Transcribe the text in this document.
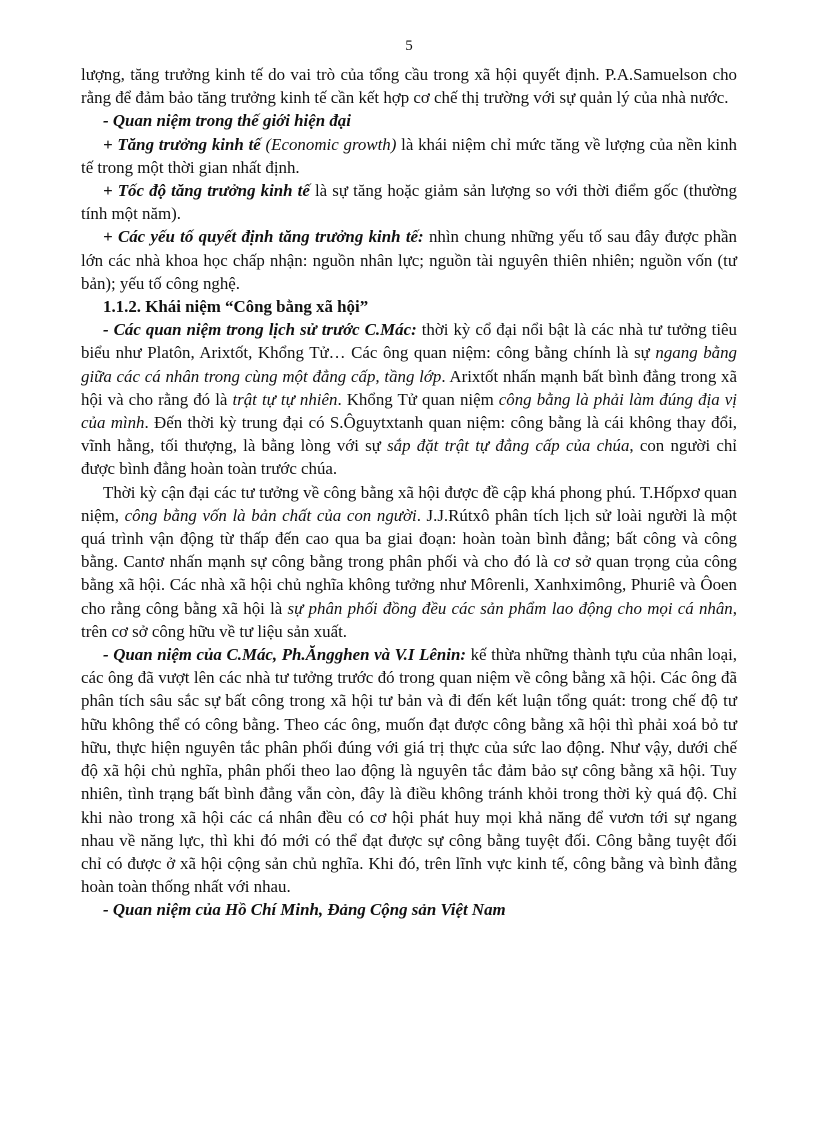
5

lượng, tăng trưởng kinh tế do vai trò của tổng cầu trong xã hội quyết định. P.A.Samuelson cho rằng để đảm bảo tăng trưởng kinh tế cần kết hợp cơ chế thị trường với sự quản lý của nhà nước.

- Quan niệm trong thế giới hiện đại

+ Tăng trưởng kinh tế (Economic growth) là khái niệm chỉ mức tăng về lượng của nền kinh tế trong một thời gian nhất định.

+ Tốc độ tăng trưởng kinh tế là sự tăng hoặc giảm sản lượng so với thời điểm gốc (thường tính một năm).

+ Các yếu tố quyết định tăng trưởng kinh tế: nhìn chung những yếu tố sau đây được phần lớn các nhà khoa học chấp nhận: nguồn nhân lực; nguồn tài nguyên thiên nhiên; nguồn vốn (tư bản); yếu tố công nghệ.

1.1.2. Khái niệm “Công bằng xã hội”

- Các quan niệm trong lịch sử trước C.Mác: thời kỳ cổ đại nổi bật là các nhà tư tưởng tiêu biểu như Platôn, Arixtốt, Khổng Tử… Các ông quan niệm: công bằng chính là sự ngang bằng giữa các cá nhân trong cùng một đẳng cấp, tầng lớp. Arixtốt nhấn mạnh bất bình đẳng trong xã hội và cho rằng đó là trật tự tự nhiên. Khổng Tử quan niệm công bằng là phải làm đúng địa vị của mình. Đến thời kỳ trung đại có S.Ôguytxtanh quan niệm: công bằng là cái không thay đổi, vĩnh hằng, tối thượng, là bằng lòng với sự sắp đặt trật tự đẳng cấp của chúa, con người chỉ được bình đẳng hoàn toàn trước chúa.

Thời kỳ cận đại các tư tưởng về công bằng xã hội được đề cập khá phong phú. T.Hốpxơ quan niệm, công bằng vốn là bản chất của con người. J.J.Rútxô phân tích lịch sử loài người là một quá trình vận động từ thấp đến cao qua ba giai đoạn: hoàn toàn bình đẳng; bất công và công bằng. Cantơ nhấn mạnh sự công bằng trong phân phối và cho đó là cơ sở quan trọng của công bằng xã hội. Các nhà xã hội chủ nghĩa không tưởng như Môrenli, Xanhximông, Phuriê và Ôoen cho rằng công bằng xã hội là sự phân phối đồng đều các sản phẩm lao động cho mọi cá nhân, trên cơ sở công hữu về tư liệu sản xuất.

- Quan niệm của C.Mác, Ph.Ăngghen và V.I Lênin: kế thừa những thành tựu của nhân loại, các ông đã vượt lên các nhà tư tưởng trước đó trong quan niệm về công bằng xã hội. Các ông đã phân tích sâu sắc sự bất công trong xã hội tư bản và đi đến kết luận tổng quát: trong chế độ tư hữu không thể có công bằng. Theo các ông, muốn đạt được công bằng xã hội thì phải xoá bỏ tư hữu, thực hiện nguyên tắc phân phối đúng với giá trị thực của sức lao động. Như vậy, dưới chế độ xã hội chủ nghĩa, phân phối theo lao động là nguyên tắc đảm bảo sự công bằng xã hội. Tuy nhiên, tình trạng bất bình đẳng vẫn còn, đây là điều không tránh khỏi trong thời kỳ quá độ. Chỉ khi nào trong xã hội các cá nhân đều có cơ hội phát huy mọi khả năng để vươn tới sự ngang nhau về năng lực, thì khi đó mới có thể đạt được sự công bằng tuyệt đối. Công bằng tuyệt đối chỉ có được ở xã hội cộng sản chủ nghĩa. Khi đó, trên lĩnh vực kinh tế, công bằng và bình đẳng hoàn toàn thống nhất với nhau.

- Quan niệm của Hồ Chí Minh, Đảng Cộng sản Việt Nam
